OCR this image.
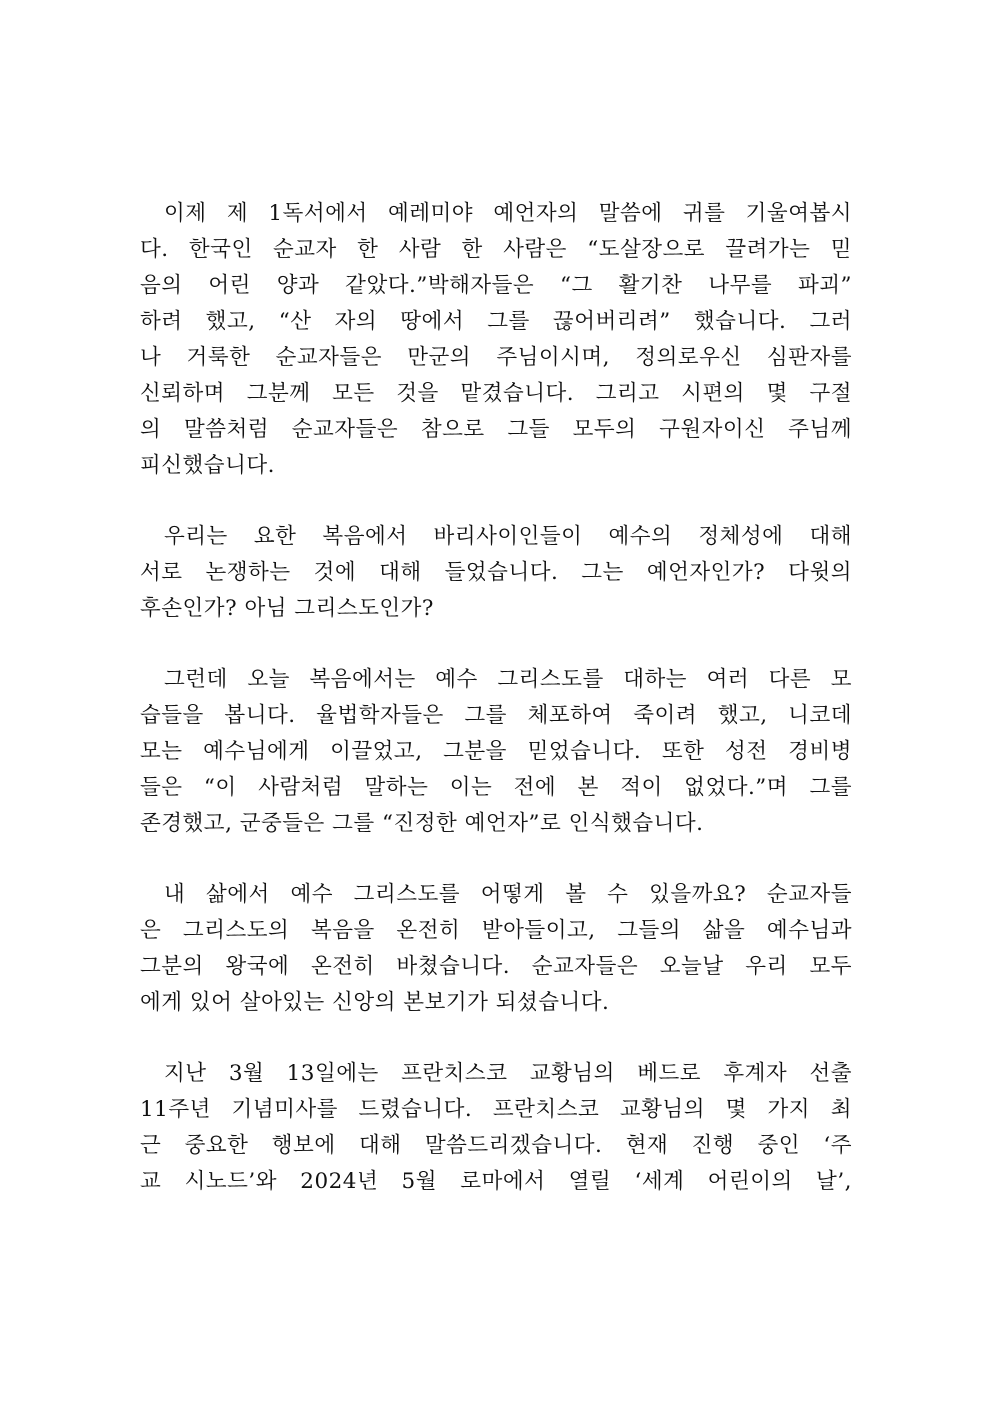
이제 제 1독서에서 예레미야 예언자의 말씀에 귀를 기울여봅시
다. 한국인 순교자 한 사람 한 사람은 “도살장으로 끌려가는 믿
음의 어린 양과 같았다.”박해자들은 “그 활기찬 나무를 파괴”
하려 했고, “산 자의 땅에서 그를 끊어버리려” 했습니다. 그러
나 거룩한 순교자들은 만군의 주님이시며, 정의로우신 심판자를
신뢰하며 그분께 모든 것을 맡겼습니다. 그리고 시편의 몇 구절
의 말씀처럼 순교자들은 참으로 그들 모두의 구원자이신 주님께
피신했습니다.
우리는 요한 복음에서 바리사이인들이 예수의 정체성에 대해
서로 논쟁하는 것에 대해 들었습니다. 그는 예언자인가? 다윗의
후손인가? 아님 그리스도인가?
그런데 오늘 복음에서는 예수 그리스도를 대하는 여러 다른 모
습들을 봅니다. 율법학자들은 그를 체포하여 죽이려 했고, 니코데
모는 예수님에게 이끌었고, 그분을 믿었습니다. 또한 성전 경비병
들은 “이 사람처럼 말하는 이는 전에 본 적이 없었다.”며 그를
존경했고, 군중들은 그를 “진정한 예언자”로 인식했습니다.
내 삶에서 예수 그리스도를 어떻게 볼 수 있을까요? 순교자들
은 그리스도의 복음을 온전히 받아들이고, 그들의 삶을 예수님과
그분의 왕국에 온전히 바쳤습니다. 순교자들은 오늘날 우리 모두
에게 있어 살아있는 신앙의 본보기가 되셨습니다.
지난 3월 13일에는 프란치스코 교황님의 베드로 후계자 선출
11주년 기념미사를 드렸습니다. 프란치스코 교황님의 몇 가지 최
근 중요한 행보에 대해 말씀드리겠습니다. 현재 진행 중인 ‘주
교 시노드’와 2024년 5월 로마에서 열릴 ‘세계 어린이의 날’,
